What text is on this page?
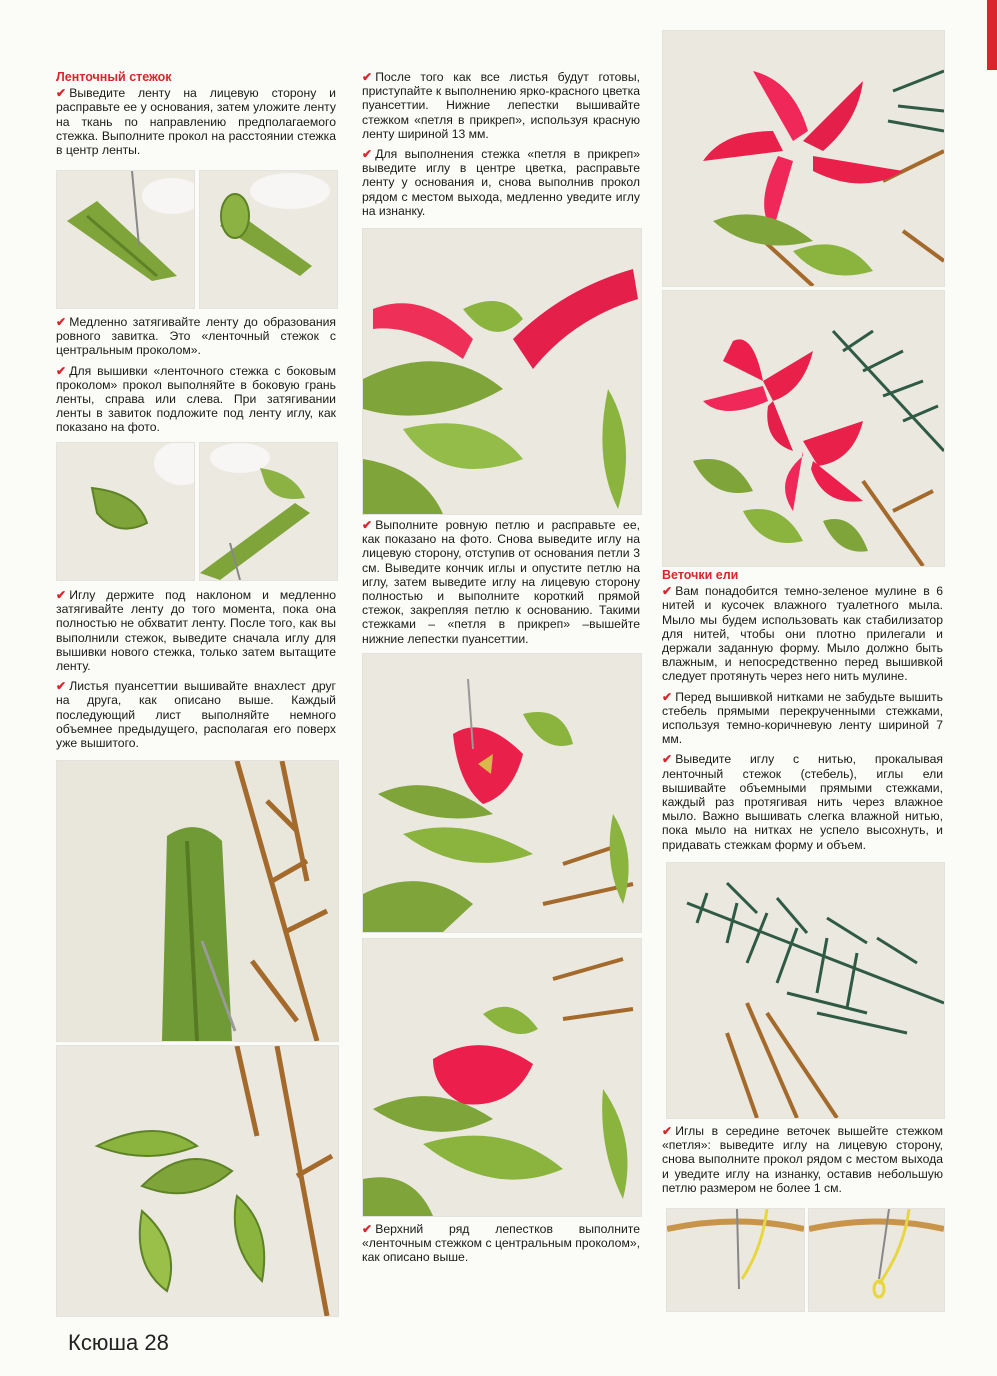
Ленточный стежок

✔ Выведите ленту на лицевую сторону и расправьте ее у основания, затем уложите ленту на ткань по направлению предполагаемого стежка. Выполните прокол на расстоянии стежка в центр ленты.

✔ Медленно затягивайте ленту до образования ровного завитка. Это «ленточный стежок с центральным проколом».

✔ Для вышивки «ленточного стежка с боковым проколом» прокол выполняйте в боковую грань ленты, справа или слева. При затягивании ленты в завиток подложите под ленту иглу, как показано на фото.

✔ Иглу держите под наклоном и медленно затягивайте ленту до того момента, пока она полностью не обхватит ленту. После того, как вы выполнили стежок, выведите сначала иглу для вышивки нового стежка, только затем вытащите ленту.

✔ Листья пуансеттии вышивайте внахлест друг на друга, как описано выше. Каждый последующий лист выполняйте немного объемнее предыдущего, располагая его поверх уже вышитого.

✔ После того как все листья будут готовы, приступайте к выполнению ярко-красного цветка пуансеттии. Нижние лепестки вышивайте стежком «петля в прикреп», используя красную ленту шириной 13 мм.

✔ Для выполнения стежка «петля в прикреп» выведите иглу в центре цветка, расправьте ленту у основания и, снова выполнив прокол рядом с местом выхода, медленно уведите иглу на изнанку.

✔ Выполните ровную петлю и расправьте ее, как показано на фото. Снова выведите иглу на лицевую сторону, отступив от основания петли 3 см. Выведите кончик иглы и опустите петлю на иглу, затем выведите иглу на лицевую сторону полностью и выполните короткий прямой стежок, закрепляя петлю к основанию. Такими стежками – «петля в прикреп» –вышейте нижние лепестки пуансеттии.

✔ Верхний ряд лепестков выполните «ленточным стежком с центральным проколом», как описано выше.

Веточки ели

✔ Вам понадобится темно-зеленое мулине в 6 нитей и кусочек влажного туалетного мыла. Мыло мы будем использовать как стабилизатор для нитей, чтобы они плотно прилегали и держали заданную форму. Мыло должно быть влажным, и непосредственно перед вышивкой следует протянуть через него нить мулине.

✔ Перед вышивкой нитками не забудьте вышить стебель прямыми перекрученными стежками, используя темно-коричневую ленту шириной 7 мм.

✔ Выведите иглу с нитью, прокалывая ленточный стежок (стебель), иглы ели вышивайте объемными прямыми стежками, каждый раз протягивая нить через влажное мыло. Важно вышивать слегка влажной нитью, пока мыло на нитках не успело высохнуть, и придавать стежкам форму и объем.

✔ Иглы в середине веточек вышейте стежком «петля»: выведите иглу на лицевую сторону, снова выполните прокол рядом с местом выхода и уведите иглу на изнанку, оставив небольшую петлю размером не более 1 см.

Ксюша 28
